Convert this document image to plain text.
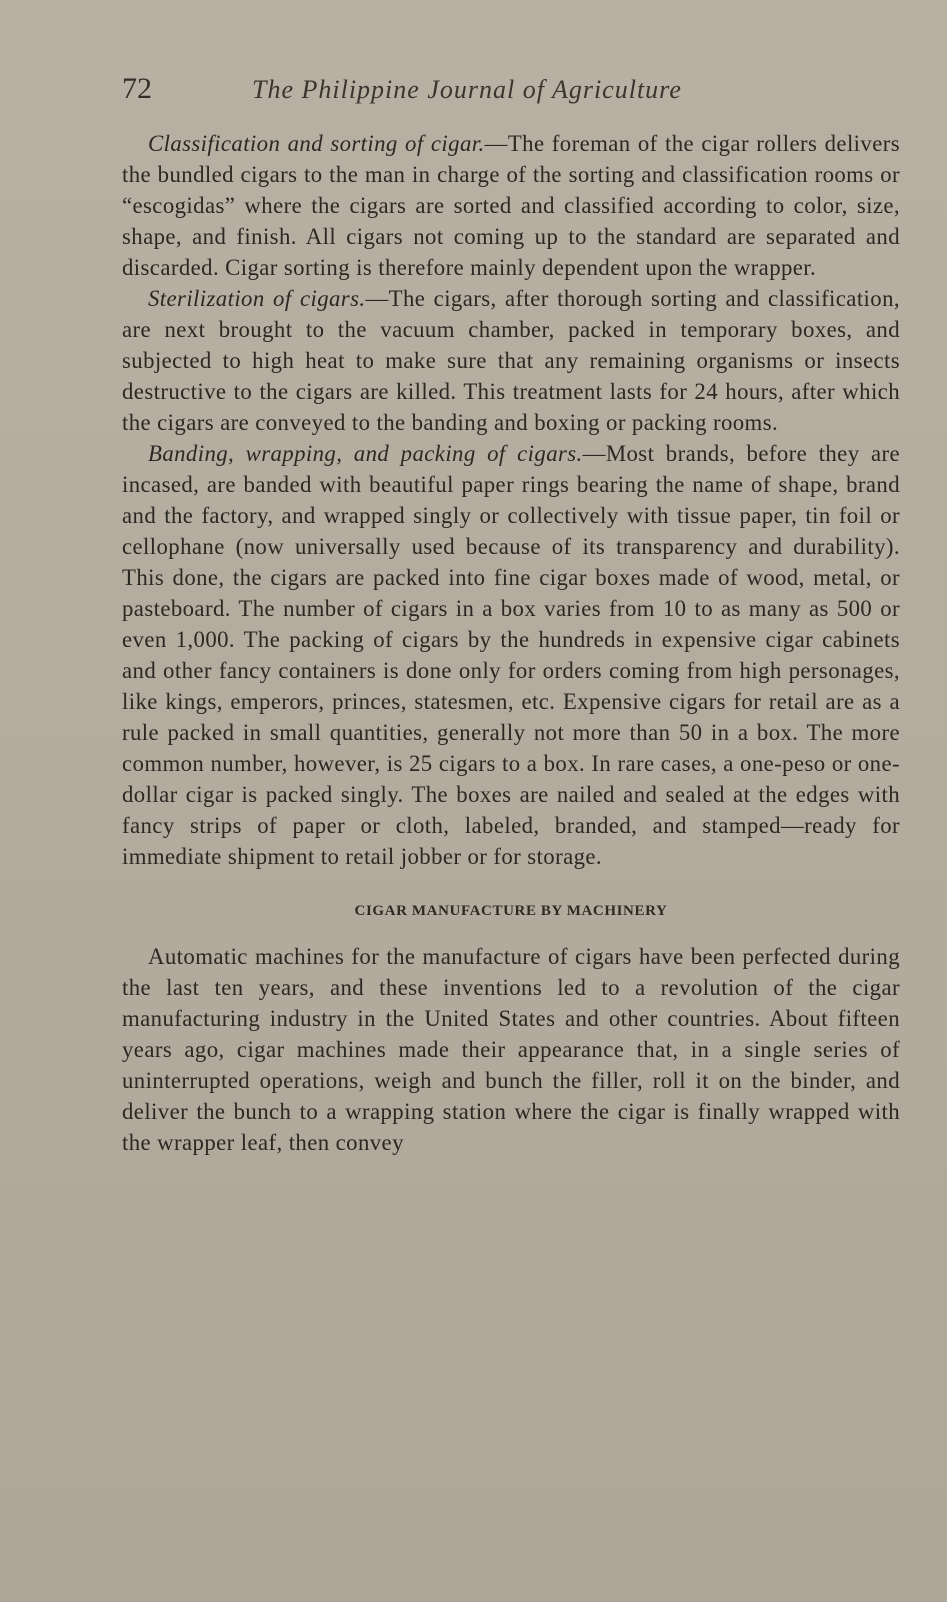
72	The Philippine Journal of Agriculture

Classification and sorting of cigar.—The foreman of the cigar rollers delivers the bundled cigars to the man in charge of the sorting and classification rooms or “escogidas” where the cigars are sorted and classified according to color, size, shape, and finish. All cigars not coming up to the standard are separated and discarded. Cigar sorting is therefore mainly dependent upon the wrapper.

Sterilization of cigars.—The cigars, after thorough sorting and classification, are next brought to the vacuum chamber, packed in temporary boxes, and subjected to high heat to make sure that any remaining organisms or insects destructive to the cigars are killed. This treatment lasts for 24 hours, after which the cigars are conveyed to the banding and boxing or packing rooms.

Banding, wrapping, and packing of cigars.—Most brands, before they are incased, are banded with beautiful paper rings bearing the name of shape, brand and the factory, and wrapped singly or collectively with tissue paper, tin foil or cellophane (now universally used because of its transparency and durability). This done, the cigars are packed into fine cigar boxes made of wood, metal, or pasteboard. The number of cigars in a box varies from 10 to as many as 500 or even 1,000. The packing of cigars by the hundreds in expensive cigar cabinets and other fancy containers is done only for orders coming from high personages, like kings, emperors, princes, statesmen, etc. Expensive cigars for retail are as a rule packed in small quantities, generally not more than 50 in a box. The more common number, however, is 25 cigars to a box. In rare cases, a one-peso or one-dollar cigar is packed singly. The boxes are nailed and sealed at the edges with fancy strips of paper or cloth, labeled, branded, and stamped—ready for immediate shipment to retail jobber or for storage.

CIGAR MANUFACTURE BY MACHINERY

Automatic machines for the manufacture of cigars have been perfected during the last ten years, and these inventions led to a revolution of the cigar manufacturing industry in the United States and other countries. About fifteen years ago, cigar machines made their appearance that, in a single series of uninterrupted operations, weigh and bunch the filler, roll it on the binder, and deliver the bunch to a wrapping station where the cigar is finally wrapped with the wrapper leaf, then convey
